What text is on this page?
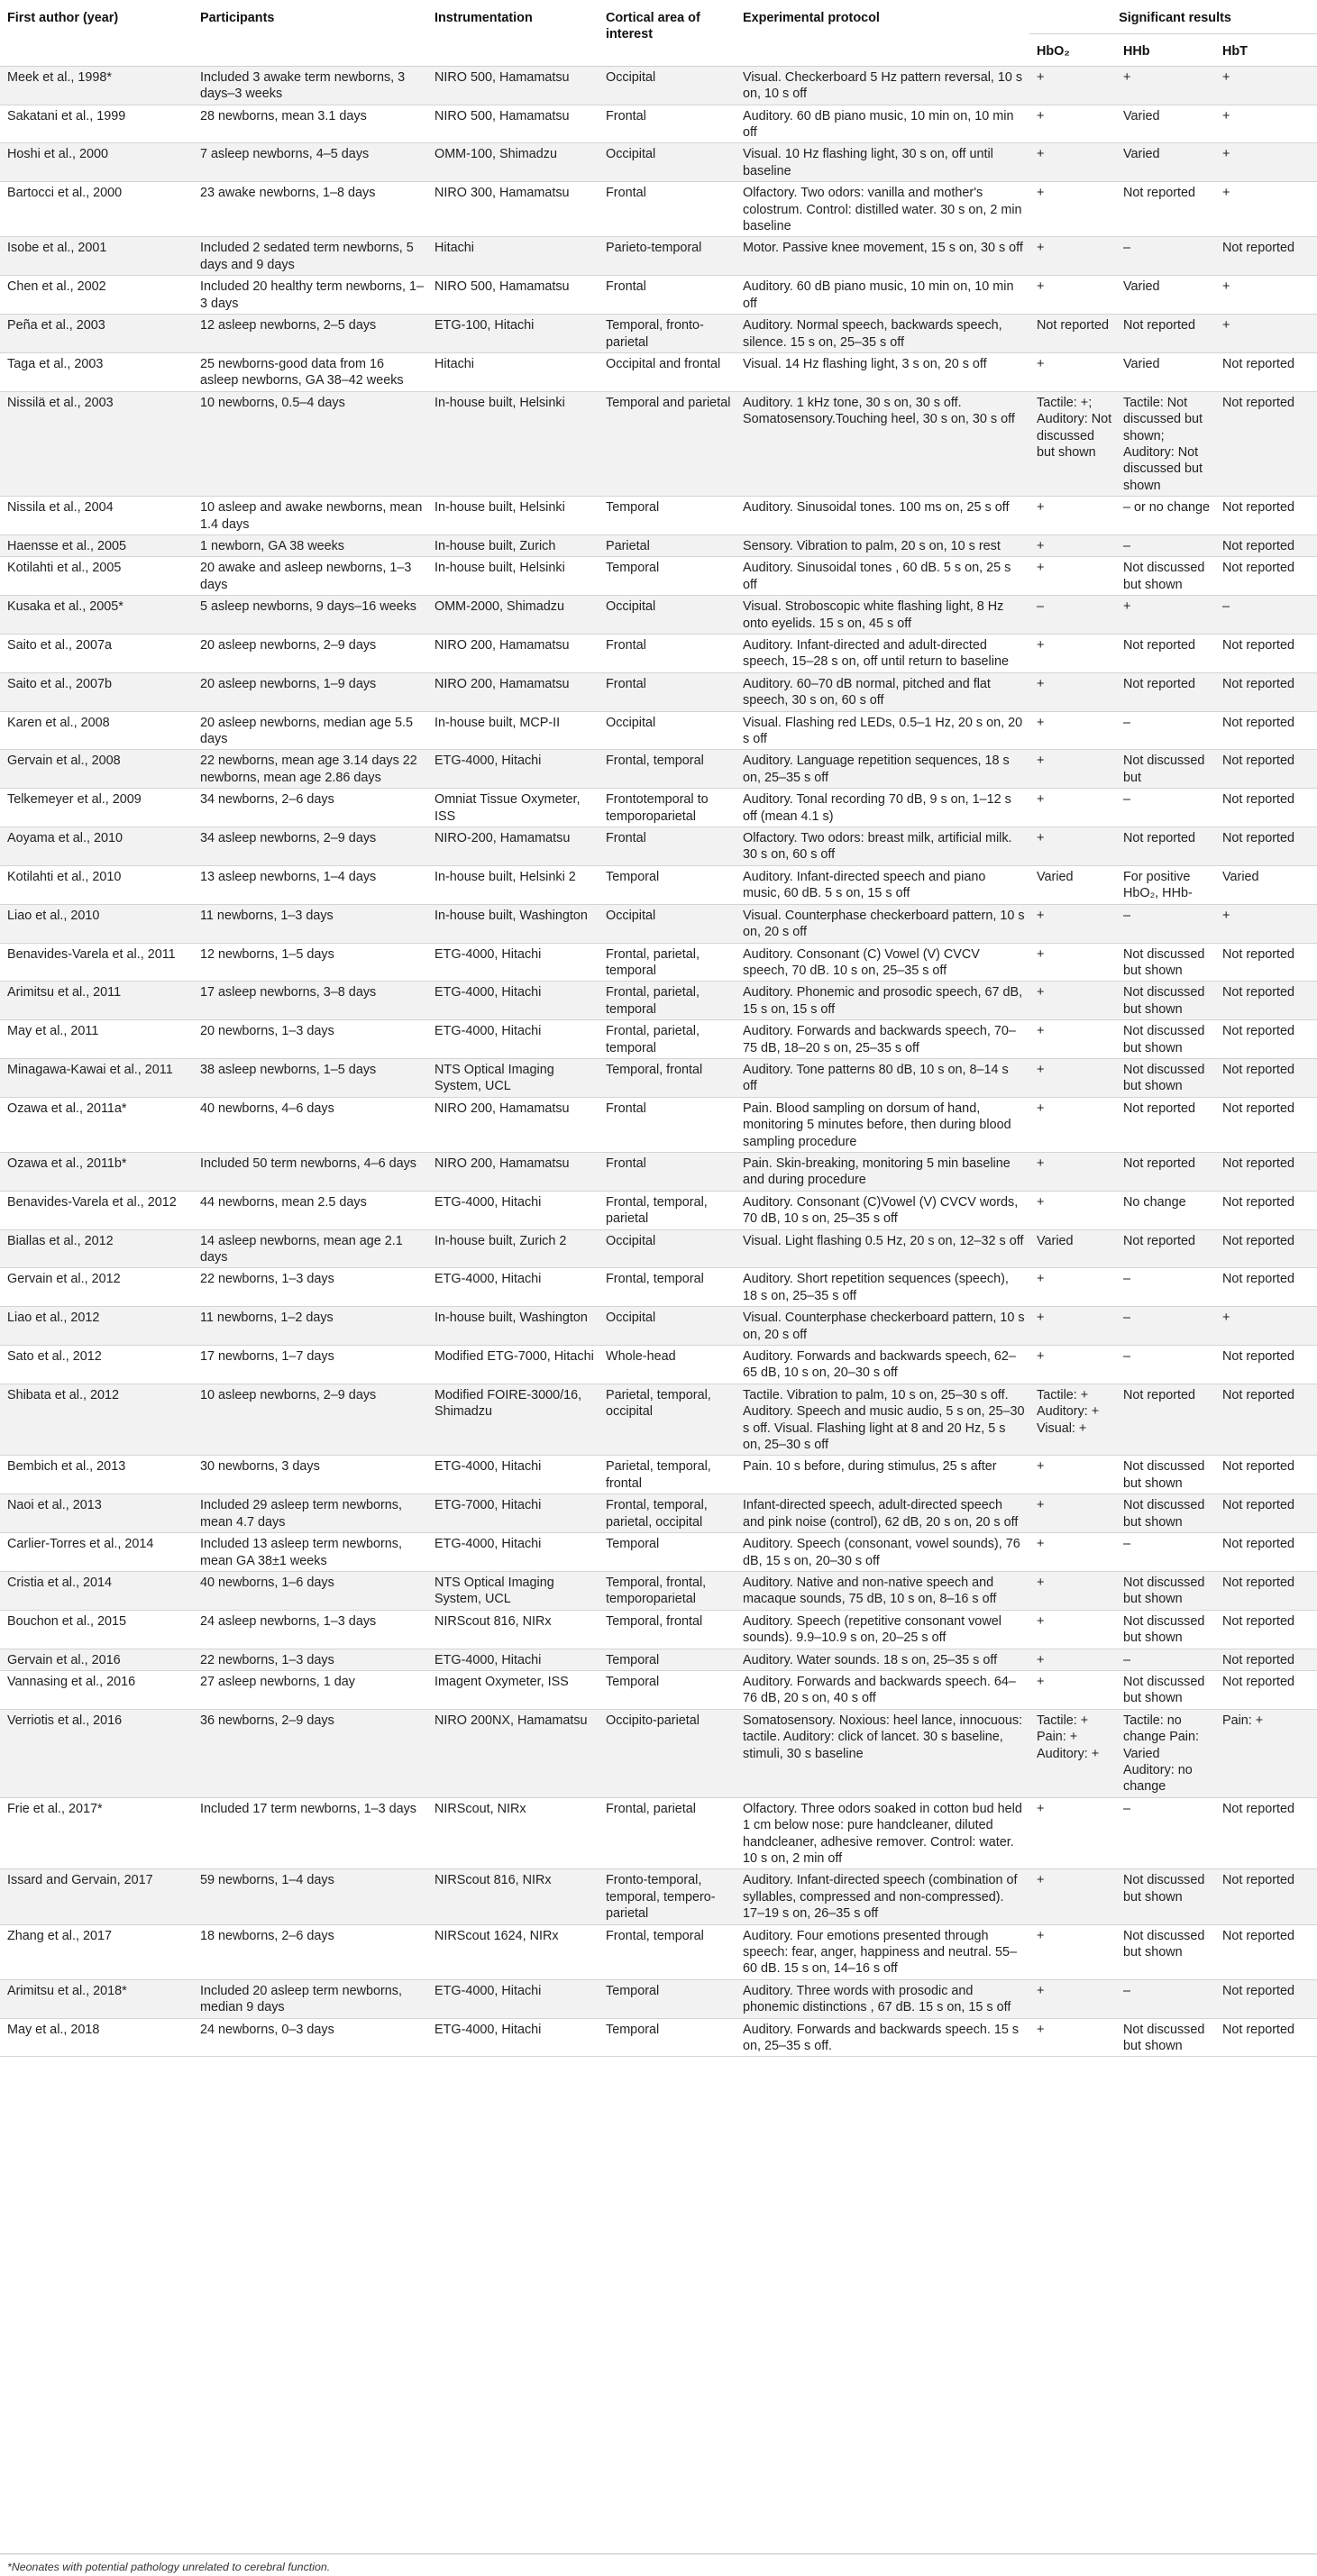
First author (year)	Participants	Instrumentation	Cortical area of interest	Experimental protocol	Significant results		
					HbO₂	HHb	HbT
Meek et al., 1998*	Included 3 awake term newborns, 3 days–3 weeks	NIRO 500, Hamamatsu	Occipital	Visual. Checkerboard 5 Hz pattern reversal, 10 s on, 10 s off	+	+	+
Sakatani et al., 1999	28 newborns, mean 3.1 days	NIRO 500, Hamamatsu	Frontal	Auditory. 60 dB piano music, 10 min on, 10 min off	+	Varied	+
Hoshi et al., 2000	7 asleep newborns, 4–5 days	OMM-100, Shimadzu	Occipital	Visual. 10 Hz flashing light, 30 s on, off until baseline	+	Varied	+
Bartocci et al., 2000	23 awake newborns, 1–8 days	NIRO 300, Hamamatsu	Frontal	Olfactory. Two odors: vanilla and mother's colostrum. Control: distilled water. 30 s on, 2 min baseline	+	Not reported	+
Isobe et al., 2001	Included 2 sedated term newborns, 5 days and 9 days	Hitachi	Parieto-temporal	Motor. Passive knee movement, 15 s on, 30 s off	+	–	Not reported
Chen et al., 2002	Included 20 healthy term newborns, 1–3 days	NIRO 500, Hamamatsu	Frontal	Auditory. 60 dB piano music, 10 min on, 10 min off	+	Varied	+
Peña et al., 2003	12 asleep newborns, 2–5 days	ETG-100, Hitachi	Temporal, fronto-parietal	Auditory. Normal speech, backwards speech, silence. 15 s on, 25–35 s off	Not reported	Not reported	+
Taga et al., 2003	25 newborns-good data from 16 asleep newborns, GA 38–42 weeks	Hitachi	Occipital and frontal	Visual. 14 Hz flashing light, 3 s on, 20 s off	+	Varied	Not reported
Nissilä et al., 2003	10 newborns, 0.5–4 days	In-house built, Helsinki	Temporal and parietal	Auditory. 1 kHz tone, 30 s on, 30 s off. Somatosensory.Touching heel, 30 s on, 30 s off	Tactile: +; Auditory: Not discussed but shown	Tactile: Not discussed but shown; Auditory: Not discussed but shown	Not reported
Nissila et al., 2004	10 asleep and awake newborns, mean 1.4 days	In-house built, Helsinki	Temporal	Auditory. Sinusoidal tones. 100 ms on, 25 s off	+	– or no change	Not reported
Haensse et al., 2005	1 newborn, GA 38 weeks	In-house built, Zurich	Parietal	Sensory. Vibration to palm, 20 s on, 10 s rest	+	–	Not reported
Kotilahti et al., 2005	20 awake and asleep newborns, 1–3 days	In-house built, Helsinki	Temporal	Auditory. Sinusoidal tones , 60 dB. 5 s on, 25 s off	+	Not discussed but shown	Not reported
Kusaka et al., 2005*	5 asleep newborns, 9 days–16 weeks	OMM-2000, Shimadzu	Occipital	Visual. Stroboscopic white flashing light, 8 Hz onto eyelids. 15 s on, 45 s off	–	+	–
Saito et al., 2007a	20 asleep newborns, 2–9 days	NIRO 200, Hamamatsu	Frontal	Auditory. Infant-directed and adult-directed speech, 15–28 s on, off until return to baseline	+	Not reported	Not reported
Saito et al., 2007b	20 asleep newborns, 1–9 days	NIRO 200, Hamamatsu	Frontal	Auditory. 60–70 dB normal, pitched and flat speech, 30 s on, 60 s off	+	Not reported	Not reported
Karen et al., 2008	20 asleep newborns, median age 5.5 days	In-house built, MCP-II	Occipital	Visual. Flashing red LEDs, 0.5–1 Hz, 20 s on, 20 s off	+	–	Not reported
Gervain et al., 2008	22 newborns, mean age 3.14 days 22 newborns, mean age 2.86 days	ETG-4000, Hitachi	Frontal, temporal	Auditory. Language repetition sequences, 18 s on, 25–35 s off	+	Not discussed but	Not reported
Telkemeyer et al., 2009	34 newborns, 2–6 days	Omniat Tissue Oxymeter, ISS	Frontotemporal to temporoparietal	Auditory. Tonal recording 70 dB, 9 s on, 1–12 s off (mean 4.1 s)	+	–	Not reported
Aoyama et al., 2010	34 asleep newborns, 2–9 days	NIRO-200, Hamamatsu	Frontal	Olfactory. Two odors: breast milk, artificial milk. 30 s on, 60 s off	+	Not reported	Not reported
Kotilahti et al., 2010	13 asleep newborns, 1–4 days	In-house built, Helsinki 2	Temporal	Auditory. Infant-directed speech and piano music, 60 dB. 5 s on, 15 s off	Varied	For positive HbO₂, HHb-	Varied
Liao et al., 2010	11 newborns, 1–3 days	In-house built, Washington	Occipital	Visual. Counterphase checkerboard pattern, 10 s on, 20 s off	+	–	+
Benavides-Varela et al., 2011	12 newborns, 1–5 days	ETG-4000, Hitachi	Frontal, parietal, temporal	Auditory. Consonant (C) Vowel (V) CVCV speech, 70 dB. 10 s on, 25–35 s off	+	Not discussed but shown	Not reported
Arimitsu et al., 2011	17 asleep newborns, 3–8 days	ETG-4000, Hitachi	Frontal, parietal, temporal	Auditory. Phonemic and prosodic speech, 67 dB, 15 s on, 15 s off	+	Not discussed but shown	Not reported
May et al., 2011	20 newborns, 1–3 days	ETG-4000, Hitachi	Frontal, parietal, temporal	Auditory. Forwards and backwards speech, 70–75 dB, 18–20 s on, 25–35 s off	+	Not discussed but shown	Not reported
Minagawa-Kawai et al., 2011	38 asleep newborns, 1–5 days	NTS Optical Imaging System, UCL	Temporal, frontal	Auditory. Tone patterns 80 dB, 10 s on, 8–14 s off	+	Not discussed but shown	Not reported
Ozawa et al., 2011a*	40 newborns, 4–6 days	NIRO 200, Hamamatsu	Frontal	Pain. Blood sampling on dorsum of hand, monitoring 5 minutes before, then during blood sampling procedure	+	Not reported	Not reported
Ozawa et al., 2011b*	Included 50 term newborns, 4–6 days	NIRO 200, Hamamatsu	Frontal	Pain. Skin-breaking, monitoring 5 min baseline and during procedure	+	Not reported	Not reported
Benavides-Varela et al., 2012	44 newborns, mean 2.5 days	ETG-4000, Hitachi	Frontal, temporal, parietal	Auditory. Consonant (C)Vowel (V) CVCV words, 70 dB, 10 s on, 25–35 s off	+	No change	Not reported
Biallas et al., 2012	14 asleep newborns, mean age 2.1 days	In-house built, Zurich 2	Occipital	Visual. Light flashing 0.5 Hz, 20 s on, 12–32 s off	Varied	Not reported	Not reported
Gervain et al., 2012	22 newborns, 1–3 days	ETG-4000, Hitachi	Frontal, temporal	Auditory. Short repetition sequences (speech), 18 s on, 25–35 s off	+	–	Not reported
Liao et al., 2012	11 newborns, 1–2 days	In-house built, Washington	Occipital	Visual. Counterphase checkerboard pattern, 10 s on, 20 s off	+	–	+
Sato et al., 2012	17 newborns, 1–7 days	Modified ETG-7000, Hitachi	Whole-head	Auditory. Forwards and backwards speech, 62–65 dB, 10 s on, 20–30 s off	+	–	Not reported
Shibata et al., 2012	10 asleep newborns, 2–9 days	Modified FOIRE-3000/16, Shimadzu	Parietal, temporal, occipital	Tactile. Vibration to palm, 10 s on, 25–30 s off. Auditory. Speech and music audio, 5 s on, 25–30 s off. Visual. Flashing light at 8 and 20 Hz, 5 s on, 25–30 s off	Tactile: + Auditory: + Visual: +	Not reported	Not reported
Bembich et al., 2013	30 newborns, 3 days	ETG-4000, Hitachi	Parietal, temporal, frontal	Pain. 10 s before, during stimulus, 25 s after	+	Not discussed but shown	Not reported
Naoi et al., 2013	Included 29 asleep term newborns, mean 4.7 days	ETG-7000, Hitachi	Frontal, temporal, parietal, occipital	Infant-directed speech, adult-directed speech and pink noise (control), 62 dB, 20 s on, 20 s off	+	Not discussed but shown	Not reported
Carlier-Torres et al., 2014	Included 13 asleep term newborns, mean GA 38±1 weeks	ETG-4000, Hitachi	Temporal	Auditory. Speech (consonant, vowel sounds), 76 dB, 15 s on, 20–30 s off	+	–	Not reported
Cristia et al., 2014	40 newborns, 1–6 days	NTS Optical Imaging System, UCL	Temporal, frontal, temporoparietal	Auditory. Native and non-native speech and macaque sounds, 75 dB, 10 s on, 8–16 s off	+	Not discussed but shown	Not reported
Bouchon et al., 2015	24 asleep newborns, 1–3 days	NIRScout 816, NIRx	Temporal, frontal	Auditory. Speech (repetitive consonant vowel sounds). 9.9–10.9 s on, 20–25 s off	+	Not discussed but shown	Not reported
Gervain et al., 2016	22 newborns, 1–3 days	ETG-4000, Hitachi	Temporal	Auditory. Water sounds. 18 s on, 25–35 s off	+	–	Not reported
Vannasing et al., 2016	27 asleep newborns, 1 day	Imagent Oxymeter, ISS	Temporal	Auditory. Forwards and backwards speech. 64–76 dB, 20 s on, 40 s off	+	Not discussed but shown	Not reported
Verriotis et al., 2016	36 newborns, 2–9 days	NIRO 200NX, Hamamatsu	Occipito-parietal	Somatosensory. Noxious: heel lance, innocuous: tactile. Auditory: click of lancet. 30 s baseline, stimuli, 30 s baseline	Tactile: + Pain: + Auditory: +	Tactile: no change Pain: Varied Auditory: no change	Pain: +
Frie et al., 2017*	Included 17 term newborns, 1–3 days	NIRScout, NIRx	Frontal, parietal	Olfactory. Three odors soaked in cotton bud held 1 cm below nose: pure handcleaner, diluted handcleaner, adhesive remover. Control: water. 10 s on, 2 min off	+	–	Not reported
Issard and Gervain, 2017	59 newborns, 1–4 days	NIRScout 816, NIRx	Fronto-temporal, temporal, tempero-parietal	Auditory. Infant-directed speech (combination of syllables, compressed and non-compressed). 17–19 s on, 26–35 s off	+	Not discussed but shown	Not reported
Zhang et al., 2017	18 newborns, 2–6 days	NIRScout 1624, NIRx	Frontal, temporal	Auditory. Four emotions presented through speech: fear, anger, happiness and neutral. 55–60 dB. 15 s on, 14–16 s off	+	Not discussed but shown	Not reported
Arimitsu et al., 2018*	Included 20 asleep term newborns, median 9 days	ETG-4000, Hitachi	Temporal	Auditory. Three words with prosodic and phonemic distinctions , 67 dB. 15 s on, 15 s off	+	–	Not reported
May et al., 2018	24 newborns, 0–3 days	ETG-4000, Hitachi	Temporal	Auditory. Forwards and backwards speech. 15 s on, 25–35 s off.	+	Not discussed but shown	Not reported
*Neonates with potential pathology unrelated to cerebral function.
